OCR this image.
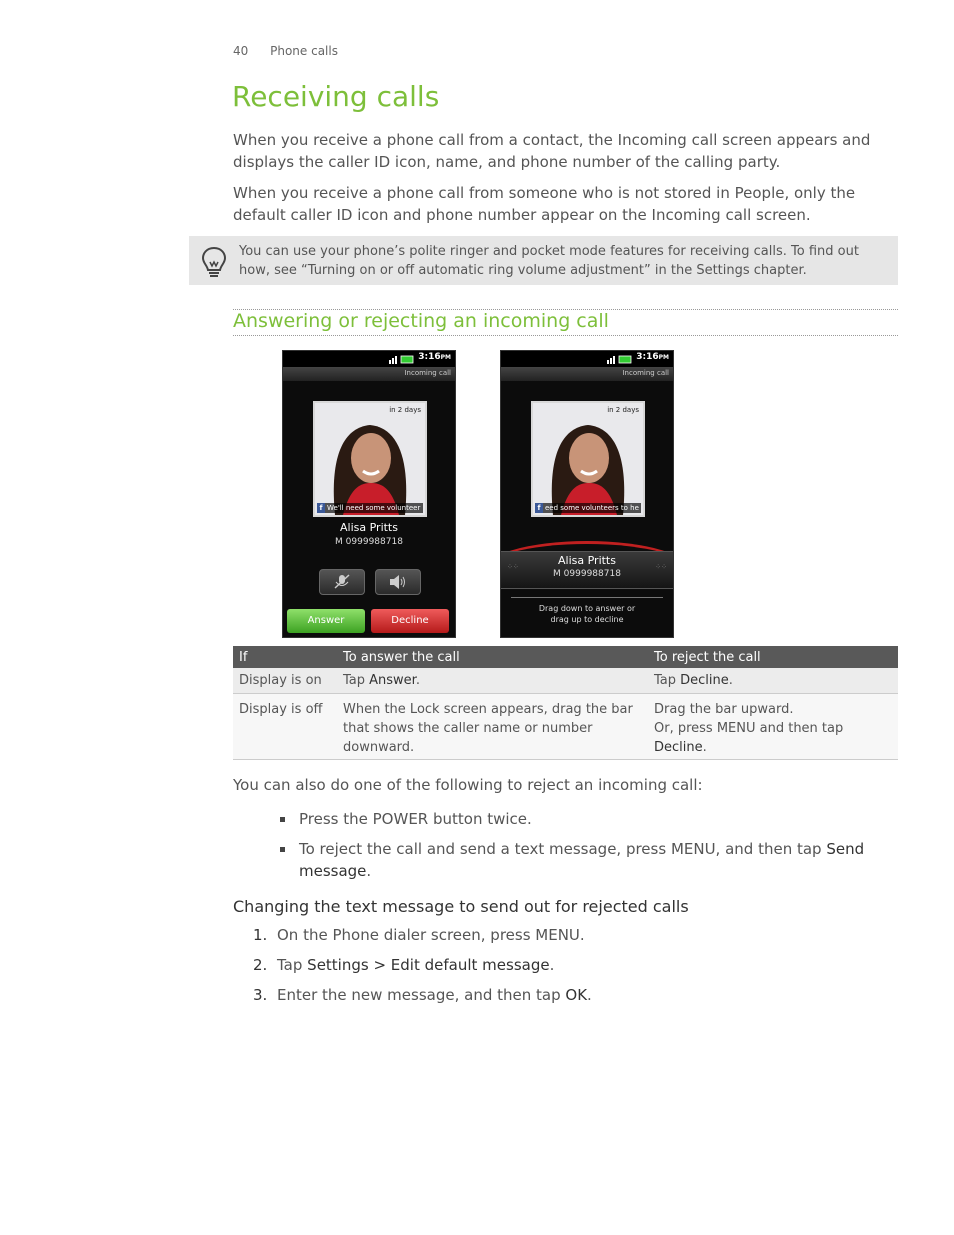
40 Phone calls
Receiving calls

When you receive a phone call from a contact, the Incoming call screen appears and displays the caller ID icon, name, and phone number of the calling party.

When you receive a phone call from someone who is not stored in People, only the default caller ID icon and phone number appear on the Incoming call screen.

You can use your phone’s polite ringer and pocket mode features for receiving calls. To find out how, see “Turning on or off automatic ring volume adjustment” in the Settings chapter.
Answering or rejecting an incoming call
3:16PM
Incoming call
in 2 days
f We'll need some volunteer
Alisa Pritts
M 0999988718
Answer	Decline
3:16PM
Incoming call
in 2 days
f eed some volunteers to he
⁘⁘	⁘⁘
Alisa Pritts
M 0999988718
Drag down to answer or
drag up to decline
If	To answer the call	To reject the call
Display is on	Tap Answer.	Tap Decline.
Display is off	When the Lock screen appears, drag the bar that shows the caller name or number downward.	Drag the bar upward.
Or, press MENU and then tap Decline.

You can also do one of the following to reject an incoming call:

Press the POWER button twice.
To reject the call and send a text message, press MENU, and then tap Send message.
Changing the text message to send out for rejected calls
1. On the Phone dialer screen, press MENU.
2. Tap Settings > Edit default message.
3. Enter the new message, and then tap OK.
